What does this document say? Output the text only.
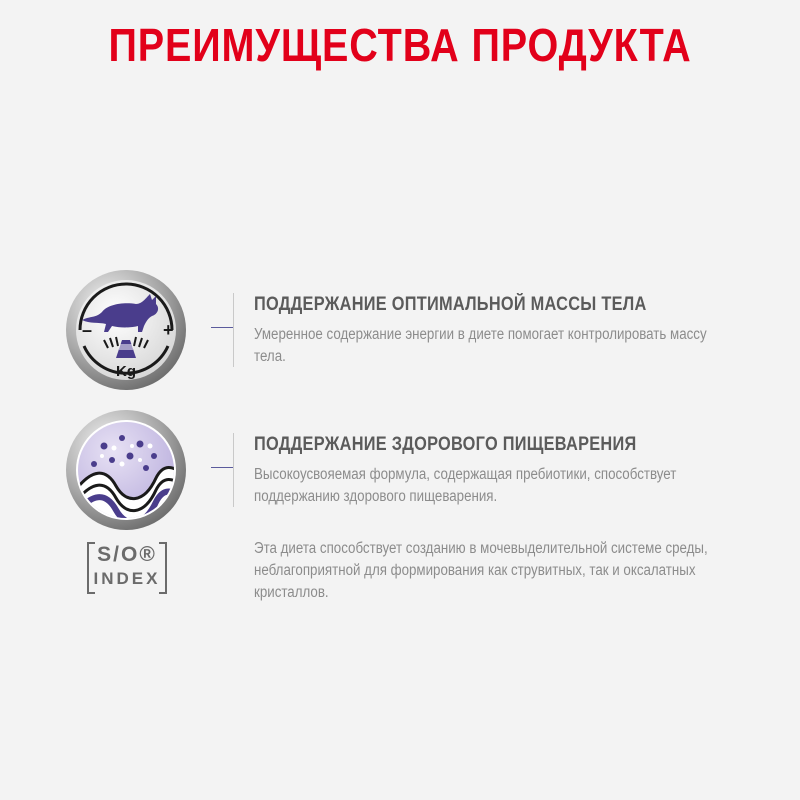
ПРЕИМУЩЕСТВА ПРОДУКТА
–	+
Kg
ПОДДЕРЖАНИЕ ОПТИМАЛЬНОЙ МАССЫ ТЕЛА
Умеренное содержание энергии в диете помогает контролировать массу тела.
ПОДДЕРЖАНИЕ ЗДОРОВОГО ПИЩЕВАРЕНИЯ
Высокоусвояемая формула, содержащая пребиотики, способствует поддержанию здорового пищеварения.
S/O®
INDEX
Эта диета способствует созданию в мочевыделительной системе среды, неблагоприятной для формирования как струвитных, так и оксалатных кристаллов.
